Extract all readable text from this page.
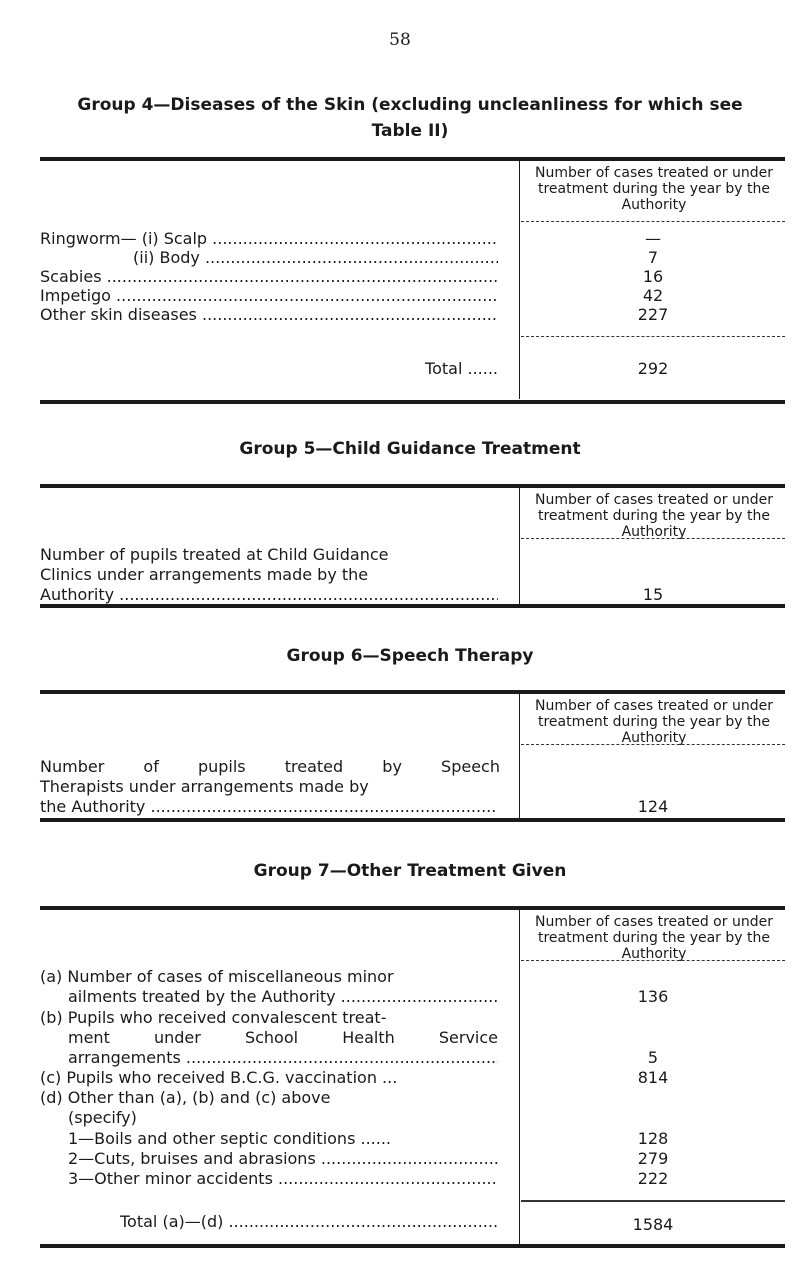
58
Group 4—Diseases of the Skin (excluding uncleanliness for which see
Table II)
Number of cases treated or under treatment during the year by the Authority
Ringworm— (i) Scalp .....	—
(ii) Body .....	7
Scabies .....	16
Impetigo .....	42
Other skin diseases .....	227
Total ......	292
Group 5—Child Guidance Treatment
Number of cases treated or under treatment during the year by the Authority
Number of pupils treated at Child Guidance
Clinics under arrangements made by the
Authority .....	15
Group 6—Speech Therapy
Number of cases treated or under treatment during the year by the Authority
Number of pupils treated by Speech
Therapists under arrangements made by
the Authority .....	124
Group 7—Other Treatment Given
Number of cases treated or under treatment during the year by the Authority
(a) Number of cases of miscellaneous minor
ailments treated by the Authority .....	136
(b) Pupils who received convalescent treat-
ment under School Health Service
arrangements .....	5
(c) Pupils who received B.C.G. vaccination ...	814
(d) Other than (a), (b) and (c) above
(specify)
1—Boils and other septic conditions ......	128
2—Cuts, bruises and abrasions .....	279
3—Other minor accidents .....	222
Total (a)—(d) .....	1584
